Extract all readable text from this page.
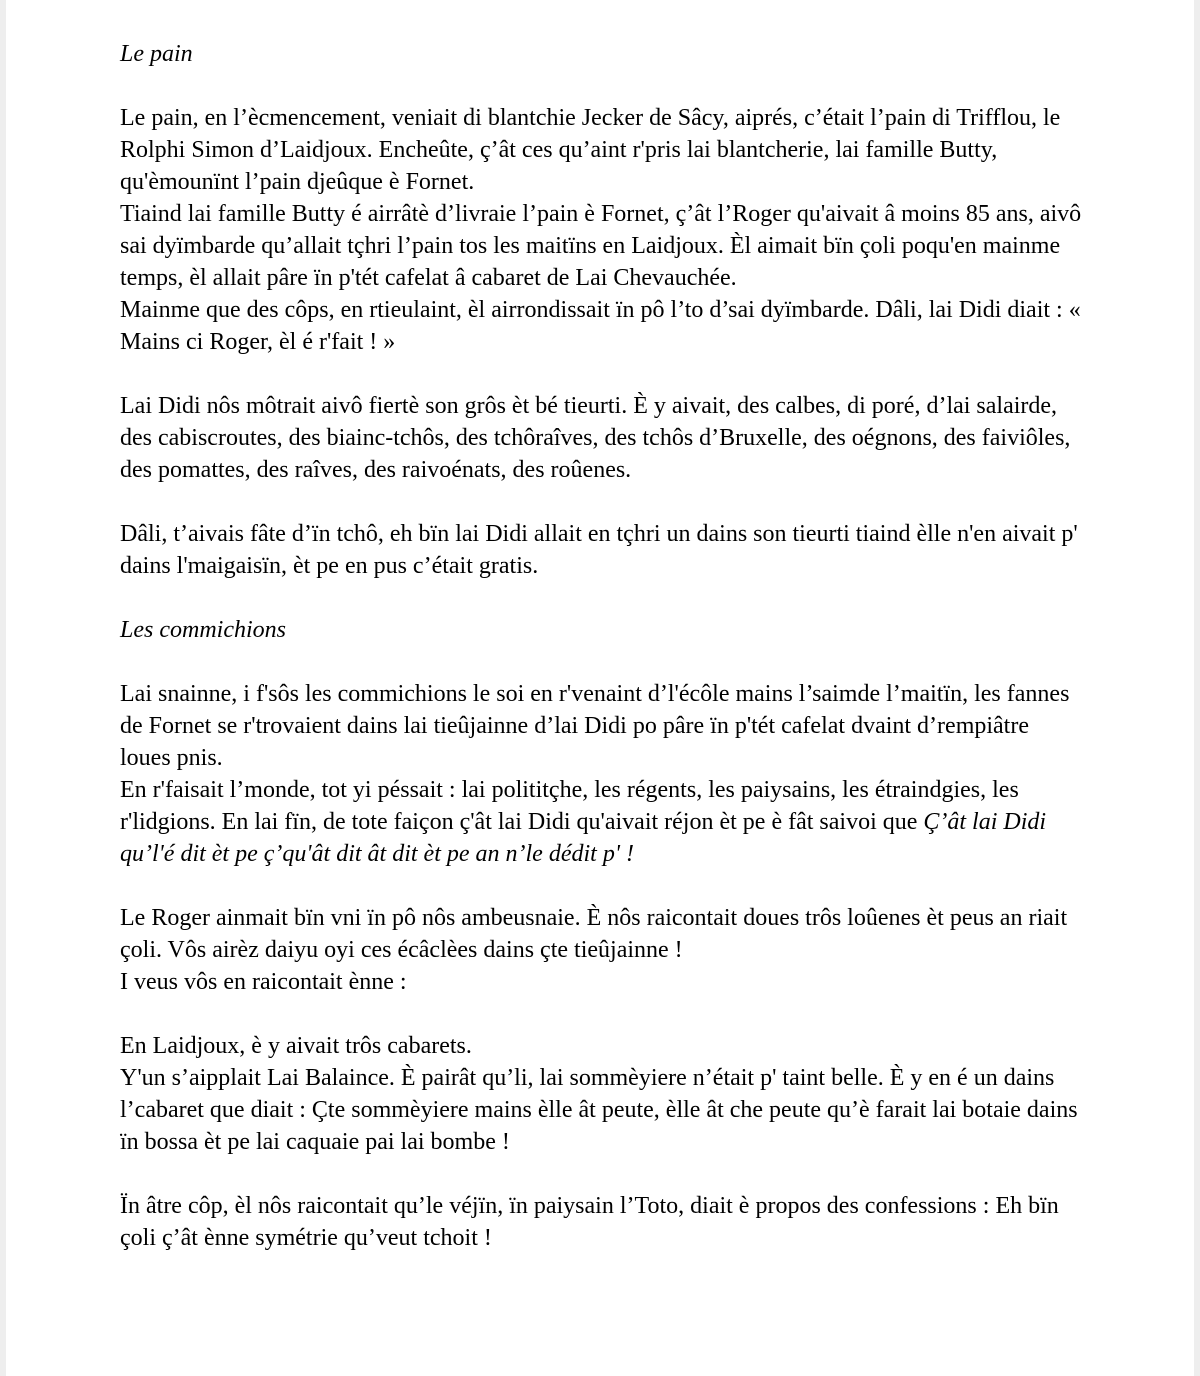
Le pain

Le pain, en l’ècmencement, veniait di blantchie Jecker de Sâcy, aiprés, c’était l’pain di Trifflou, le Rolphi Simon d’Laidjoux. Encheûte, ç’ât ces qu’aint r'pris lai blantcherie, lai famille Butty, qu'èmounïnt l’pain djeûque è Fornet.

Tiaind lai famille Butty é airrâtè d’livraie l’pain è Fornet, ç’ât l’Roger qu'aivait â moins 85 ans, aivô sai dyïmbarde qu’allait tçhri l’pain tos les maitïns en Laidjoux. Èl aimait bïn çoli poqu'en mainme temps, èl allait pâre ïn p'tét cafelat â cabaret de Lai Chevauchée.

Mainme que des côps, en rtieulaint, èl airrondissait ïn pô l’to d’sai dyïmbarde. Dâli, lai Didi diait : « Mains ci Roger, èl é r'fait ! »

Lai Didi nôs môtrait aivô fiertè son grôs èt bé tieurti. È y aivait, des calbes, di poré, d’lai salairde, des cabiscroutes, des biainc-tchôs, des tchôraîves, des tchôs d’Bruxelle, des oégnons, des faiviôles, des pomattes, des raîves, des raivoénats, des roûenes.

Dâli, t’aivais fâte d’ïn tchô, eh bïn lai Didi allait en tçhri un dains son tieurti tiaind èlle n'en aivait p' dains l'maigaisïn, èt pe en pus c’était gratis.

Les commichions

Lai snainne, i f'sôs les commichions le soi en r'venaint d’l'écôle mains l’saimde l’maitïn, les fannes de Fornet se r'trovaient dains lai tieûjainne d’lai Didi po pâre ïn p'tét cafelat dvaint d’rempiâtre loues pnis.

En r'faisait l’monde, tot yi péssait : lai polititçhe, les régents, les paiysains, les étraindgies, les r'lidgions. En lai fïn, de tote faiçon ç'ât lai Didi qu'aivait réjon èt pe è fât saivoi que Ç’ât lai Didi qu’l'é dit èt pe ç’qu'ât dit ât dit èt pe an n’le dédit p' !

Le Roger ainmait bïn vni ïn pô nôs ambeusnaie. È nôs raicontait doues trôs loûenes èt peus an riait çoli. Vôs airèz daiyu oyi ces écâclèes dains çte tieûjainne !

I veus vôs en raicontait ènne :

En Laidjoux, è y aivait trôs cabarets.

Y'un s’aipplait Lai Balaince. È pairât qu’li, lai sommèyiere n’était p' taint belle. È y en é un dains l’cabaret que diait : Çte sommèyiere mains èlle ât peute, èlle ât che peute qu’è farait lai botaie dains ïn bossa èt pe lai caquaie pai lai bombe !

Ïn âtre côp, èl nôs raicontait qu’le véjïn, ïn paiysain l’Toto, diait è propos des confessions : Eh bïn çoli ç’ât ènne symétrie qu’veut tchoit !
